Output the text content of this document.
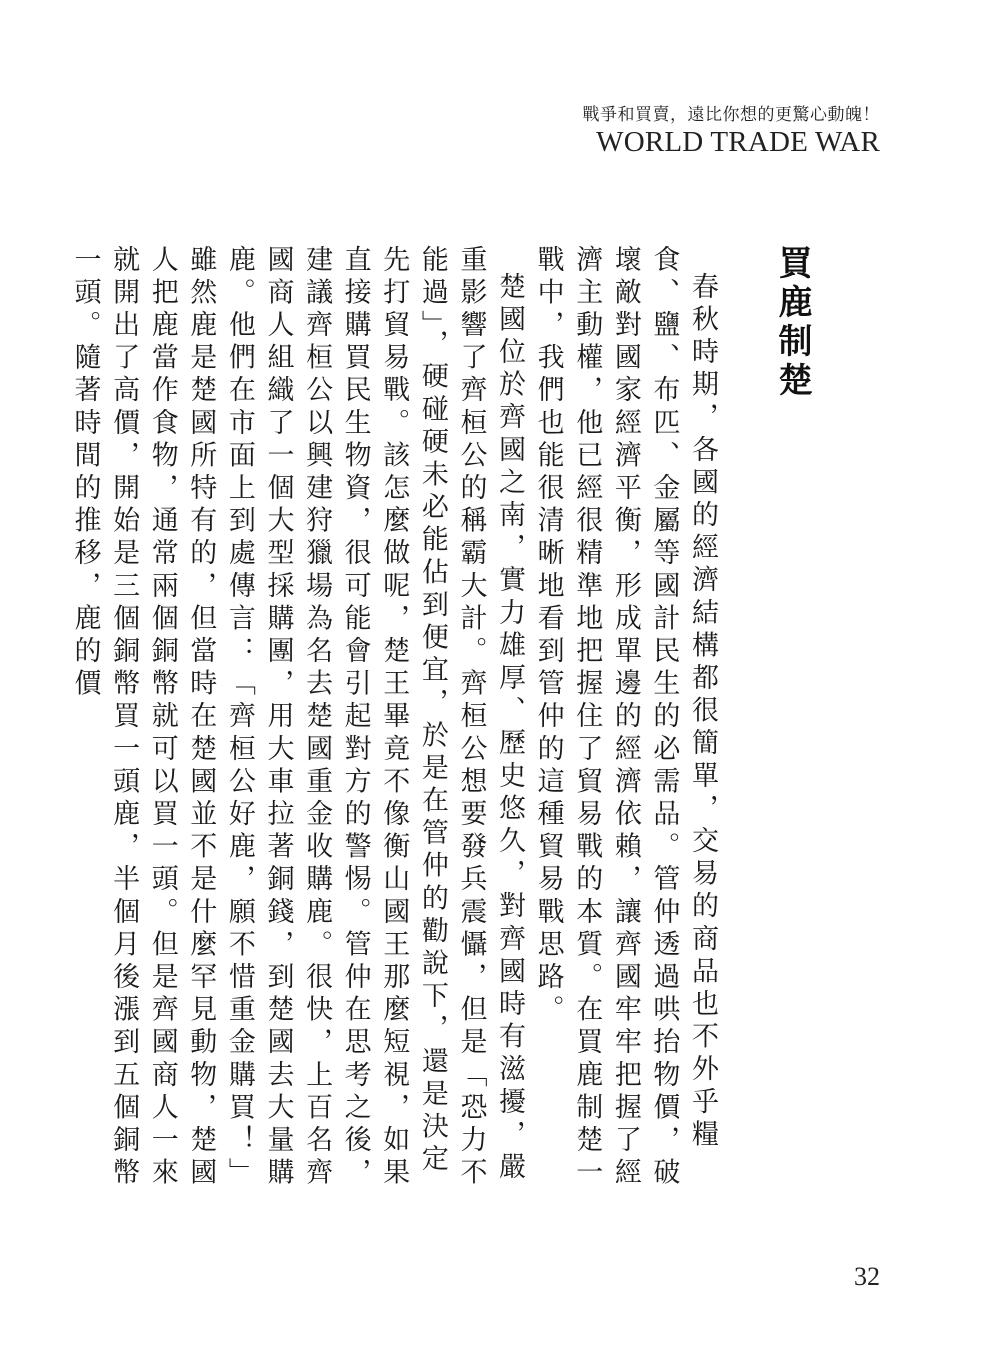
戰爭和買賣，遠比你想的更驚心動魄！
WORLD TRADE WAR
買鹿制楚

春秋時期，各國的經濟結構都很簡單，交易的商品也不外乎糧食、鹽、布匹、金屬等國計民生的必需品。管仲透過哄抬物價，破壞敵對國家經濟平衡，形成單邊的經濟依賴，讓齊國牢牢把握了經濟主動權，他已經很精準地把握住了貿易戰的本質。在買鹿制楚一戰中，我們也能很清晰地看到管仲的這種貿易戰思路。

楚國位於齊國之南，實力雄厚、歷史悠久，對齊國時有滋擾，嚴重影響了齊桓公的稱霸大計。齊桓公想要發兵震懾，但是「恐力不能過」，硬碰硬未必能佔到便宜，於是在管仲的勸說下，還是決定先打貿易戰。該怎麼做呢，楚王畢竟不像衡山國王那麼短視，如果直接購買民生物資，很可能會引起對方的警惕。管仲在思考之後，建議齊桓公以興建狩獵場為名去楚國重金收購鹿。很快，上百名齊國商人組織了一個大型採購團，用大車拉著銅錢，到楚國去大量購鹿。他們在市面上到處傳言：「齊桓公好鹿，願不惜重金購買！」雖然鹿是楚國所特有的，但當時在楚國並不是什麼罕見動物，楚國人把鹿當作食物，通常兩個銅幣就可以買一頭。但是齊國商人一來就開出了高價，開始是三個銅幣買一頭鹿，半個月後漲到五個銅幣一頭。隨著時間的推移，鹿的價

32
